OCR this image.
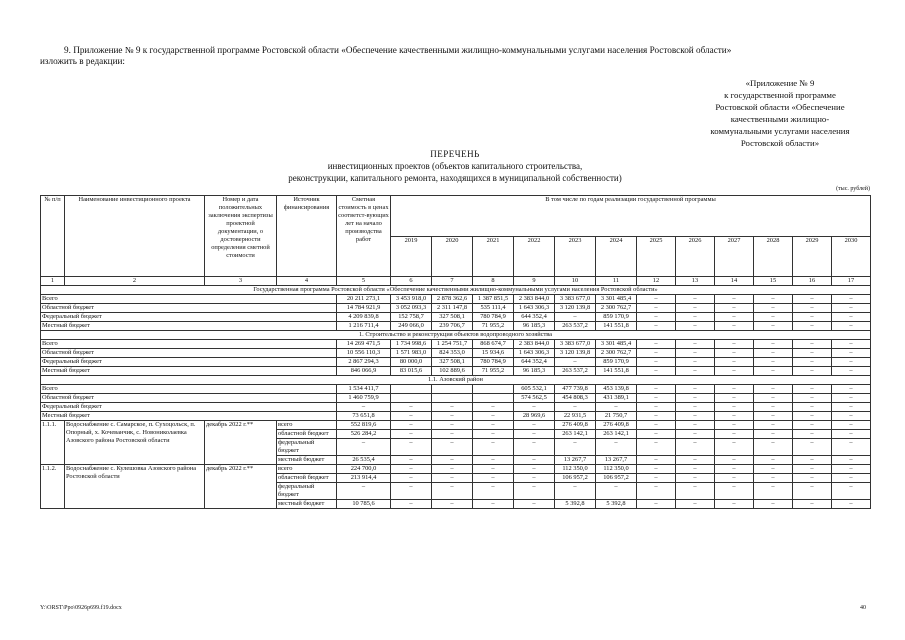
9. Приложение № 9 к государственной программе Ростовской области «Обеспечение качественными жилищно-коммунальными услугами населения Ростовской области»
изложить в редакции:
«Приложение № 9
к государственной программе
Ростовской области «Обеспечение
качественными жилищно-
коммунальными услугами населения
Ростовской области»
ПЕРЕЧЕНЬ
инвестиционных проектов (объектов капитального строительства,
реконструкции, капитального ремонта, находящихся в муниципальной собственности)
(тыс. рублей)
№ п/п	Наименование инвестиционного проекта	Номер и дата положительных заключения экспертизы проектной документации, о достоверности определения сметной стоимости	Источник финансирования	Сметная стоимость в ценах соответст-вующих лет на начало производства работ	В том числе по годам реализации государственной программы											
					2019	2020	2021	2022	2023	2024	2025	2026	2027	2028	2029	2030
1	2	3	4	5	6	7	8	9	10	11	12	13	14	15	16	17
Государственная программа Ростовской области «Обеспечение качественными жилищно-коммунальными услугами населения Ростовской области»																
Всего				20 211 273,1	3 453 918,0	2 878 362,6	1 387 851,5	2 383 844,0	3 383 677,0	3 301 485,4	–	–	–	–	–	–
Областной бюджет				14 784 921,9	3 052 093,3	2 311 147,8	535 111,4	1 643 306,3	3 120 139,8	2 300 762,7	–	–	–	–	–	–
Федеральный бюджет				4 209 839,8	152 758,7	327 508,1	780 784,9	644 352,4	–	859 170,9	–	–	–	–	–	–
Местный бюджет				1 216 711,4	249 066,0	239 706,7	71 955,2	96 185,3	263 537,2	141 551,8	–	–	–	–	–	–
1. Строительство и реконструкция объектов водопроводного хозяйства																
Всего				14 269 471,5	1 734 998,6	1 254 751,7	868 674,7	2 383 844,0	3 383 677,0	3 301 485,4	–	–	–	–	–	–
Областной бюджет				10 556 110,3	1 571 983,0	824 353,0	15 934,6	1 643 306,3	3 120 139,8	2 300 762,7	–	–	–	–	–	–
Федеральный бюджет				2 867 294,3	80 000,0	327 508,1	780 784,9	644 352,4	–	859 170,9	–	–	–	–	–	–
Местный бюджет				846 066,9	83 015,6	102 889,6	71 955,2	96 185,3	263 537,2	141 551,8	–	–	–	–	–	–
1.1. Азовский район																
Всего				1 534 411,7				605 532,1	477 739,8	453 139,8	–	–	–	–	–	–
Областной бюджет				1 460 759,9				574 562,5	454 808,3	431 389,1	–	–	–	–	–	–
Федеральный бюджет				–	–	–	–	–	–	–	–	–	–	–	–	–
Местный бюджет				73 651,8	–	–	–	28 969,6	22 931,5	21 750,7	–	–	–	–	–	–
1.1.1.	Водоснабжение с. Самарское, п. Сухоцольск, п. Опорный, х. Кочеванчик, с. Новониколаевка Азовского района Ростовской области	декабрь 2022 г.**	всего	552 819,6	–	–	–	–	276 409,8	276 409,8	–	–	–	–	–	–
			областной бюджет	526 284,2	–	–	–	–	263 142,1	263 142,1	–	–	–	–	–	–
			федеральный бюджет	–	–	–	–	–	–	–	–	–	–	–	–	–
			местный бюджет	26 535,4	–	–	–	–	13 267,7	13 267,7	–	–	–	–	–	–
1.1.2.	Водоснабжение с. Кулешовка Азовского района Ростовской области	декабрь 2022 г.**	всего	224 700,0	–	–	–	–	112 350,0	112 350,0	–	–	–	–	–	–
			областной бюджет	213 914,4	–	–	–	–	106 957,2	106 957,2	–	–	–	–	–	–
			федеральный бюджет	–	–	–	–	–	–	–	–	–	–	–	–	–
			местный бюджет	10 785,6	–	–	–	–	5 392,8	5 392,8	–	–	–	–	–	–
Y:\ORST\Ppo\0926p699.f19.docx	40
